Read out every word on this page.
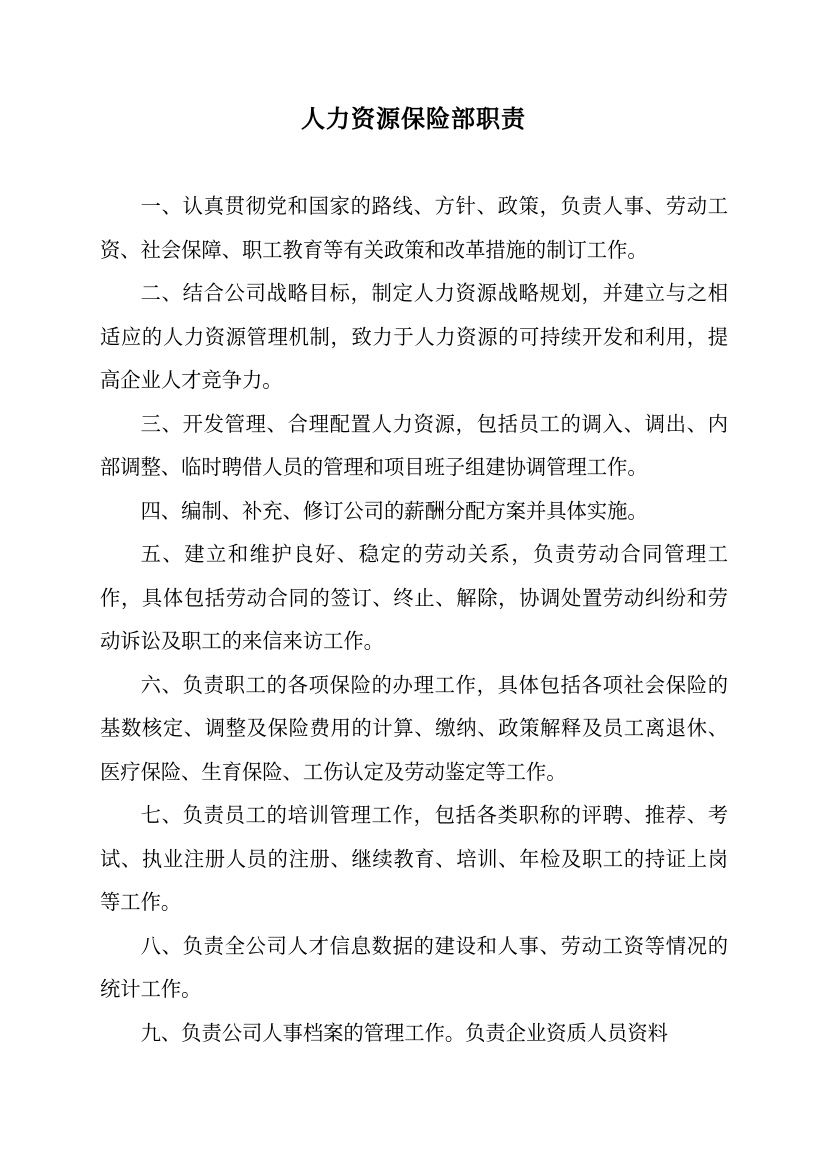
人力资源保险部职责

一、认真贯彻党和国家的路线、方针、政策，负责人事、劳动工资、社会保障、职工教育等有关政策和改革措施的制订工作。

二、结合公司战略目标，制定人力资源战略规划，并建立与之相适应的人力资源管理机制，致力于人力资源的可持续开发和利用，提高企业人才竞争力。

三、开发管理、合理配置人力资源，包括员工的调入、调出、内部调整、临时聘借人员的管理和项目班子组建协调管理工作。

四、编制、补充、修订公司的薪酬分配方案并具体实施。

五、建立和维护良好、稳定的劳动关系，负责劳动合同管理工作，具体包括劳动合同的签订、终止、解除，协调处置劳动纠纷和劳动诉讼及职工的来信来访工作。

六、负责职工的各项保险的办理工作，具体包括各项社会保险的基数核定、调整及保险费用的计算、缴纳、政策解释及员工离退休、医疗保险、生育保险、工伤认定及劳动鉴定等工作。

七、负责员工的培训管理工作，包括各类职称的评聘、推荐、考试、执业注册人员的注册、继续教育、培训、年检及职工的持证上岗等工作。

八、负责全公司人才信息数据的建设和人事、劳动工资等情况的统计工作。

九、负责公司人事档案的管理工作。负责企业资质人员资料
